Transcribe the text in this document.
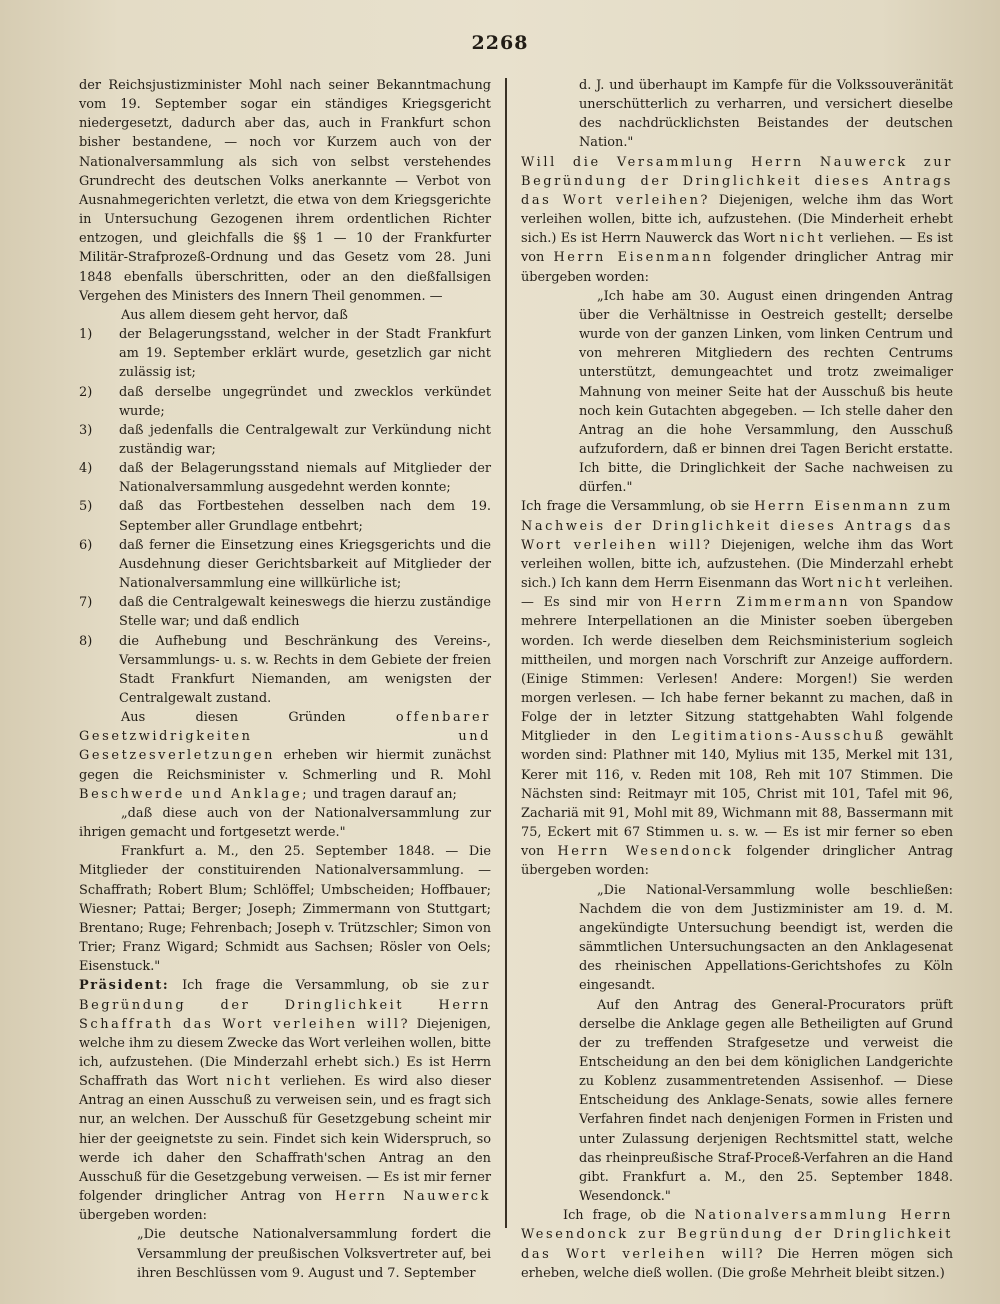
2268

der Reichsjustizminister Mohl nach seiner Bekanntmachung vom 19. September sogar ein ständiges Kriegsgericht niedergesetzt, dadurch aber das, auch in Frankfurt schon bisher bestandene, — noch vor Kurzem auch von der Nationalversammlung als sich von selbst verstehendes Grundrecht des deutschen Volks anerkannte — Verbot von Ausnahmegerichten verletzt, die etwa von dem Kriegsgerichte in Untersuchung Gezogenen ihrem ordentlichen Richter entzogen, und gleichfalls die §§ 1 — 10 der Frankfurter Militär-Strafprozeß-Ordnung und das Gesetz vom 28. Juni 1848 ebenfalls überschritten, oder an den dießfallsigen Vergehen des Ministers des Innern Theil genommen. —

Aus allem diesem geht hervor, daß

1) der Belagerungsstand, welcher in der Stadt Frankfurt am 19. September erklärt wurde, gesetzlich gar nicht zulässig ist;

2) daß derselbe ungegründet und zwecklos verkündet wurde;

3) daß jedenfalls die Centralgewalt zur Verkündung nicht zuständig war;

4) daß der Belagerungsstand niemals auf Mitglieder der Nationalversammlung ausgedehnt werden konnte;

5) daß das Fortbestehen desselben nach dem 19. September aller Grundlage entbehrt;

6) daß ferner die Einsetzung eines Kriegsgerichts und die Ausdehnung dieser Gerichtsbarkeit auf Mitglieder der Nationalversammlung eine willkürliche ist;

7) daß die Centralgewalt keineswegs die hierzu zuständige Stelle war; und daß endlich

8) die Aufhebung und Beschränkung des Vereins-, Versammlungs- u. s. w. Rechts in dem Gebiete der freien Stadt Frankfurt Niemanden, am wenigsten der Centralgewalt zustand.

Aus diesen Gründen offenbarer Gesetzwidrigkeiten und Gesetzesverletzungen erheben wir hiermit zunächst gegen die Reichsminister v. Schmerling und R. Mohl Beschwerde und Anklage; und tragen darauf an;

„daß diese auch von der Nationalversammlung zur ihrigen gemacht und fortgesetzt werde."

Frankfurt a. M., den 25. September 1848. — Die Mitglieder der constituirenden Nationalversammlung. — Schaffrath; Robert Blum; Schlöffel; Umbscheiden; Hoffbauer; Wiesner; Pattai; Berger; Joseph; Zimmermann von Stuttgart; Brentano; Ruge; Fehrenbach; Joseph v. Trützschler; Simon von Trier; Franz Wigard; Schmidt aus Sachsen; Rösler von Oels; Eisenstuck."

Präsident: Ich frage die Versammlung, ob sie zur Begründung der Dringlichkeit Herrn Schaffrath das Wort verleihen will? Diejenigen, welche ihm zu diesem Zwecke das Wort verleihen wollen, bitte ich, aufzustehen. (Die Minderzahl erhebt sich.) Es ist Herrn Schaffrath das Wort nicht verliehen. Es wird also dieser Antrag an einen Ausschuß zu verweisen sein, und es fragt sich nur, an welchen. Der Ausschuß für Gesetzgebung scheint mir hier der geeignetste zu sein. Findet sich kein Widerspruch, so werde ich daher den Schaffrath'schen Antrag an den Ausschuß für die Gesetzgebung verweisen. — Es ist mir ferner folgender dringlicher Antrag von Herrn Nauwerck übergeben worden:

„Die deutsche Nationalversammlung fordert die Versammlung der preußischen Volksvertreter auf, bei ihren Beschlüssen vom 9. August und 7. September

d. J. und überhaupt im Kampfe für die Volkssouveränität unerschütterlich zu verharren, und versichert dieselbe des nachdrücklichsten Beistandes der deutschen Nation."

Will die Versammlung Herrn Nauwerck zur Begründung der Dringlichkeit dieses Antrags das Wort verleihen? Diejenigen, welche ihm das Wort verleihen wollen, bitte ich, aufzustehen. (Die Minderheit erhebt sich.) Es ist Herrn Nauwerck das Wort nicht verliehen. — Es ist von Herrn Eisenmann folgender dringlicher Antrag mir übergeben worden:

„Ich habe am 30. August einen dringenden Antrag über die Verhältnisse in Oestreich gestellt; derselbe wurde von der ganzen Linken, vom linken Centrum und von mehreren Mitgliedern des rechten Centrums unterstützt, demungeachtet und trotz zweimaliger Mahnung von meiner Seite hat der Ausschuß bis heute noch kein Gutachten abgegeben. — Ich stelle daher den Antrag an die hohe Versammlung, den Ausschuß aufzufordern, daß er binnen drei Tagen Bericht erstatte. Ich bitte, die Dringlichkeit der Sache nachweisen zu dürfen."

Ich frage die Versammlung, ob sie Herrn Eisenmann zum Nachweis der Dringlichkeit dieses Antrags das Wort verleihen will? Diejenigen, welche ihm das Wort verleihen wollen, bitte ich, aufzustehen. (Die Minderzahl erhebt sich.) Ich kann dem Herrn Eisenmann das Wort nicht verleihen. — Es sind mir von Herrn Zimmermann von Spandow mehrere Interpellationen an die Minister soeben übergeben worden. Ich werde dieselben dem Reichsministerium sogleich mittheilen, und morgen nach Vorschrift zur Anzeige auffordern. (Einige Stimmen: Verlesen! Andere: Morgen!) Sie werden morgen verlesen. — Ich habe ferner bekannt zu machen, daß in Folge der in letzter Sitzung stattgehabten Wahl folgende Mitglieder in den Legitimations-Ausschuß gewählt worden sind: Plathner mit 140, Mylius mit 135, Merkel mit 131, Kerer mit 116, v. Reden mit 108, Reh mit 107 Stimmen. Die Nächsten sind: Reitmayr mit 105, Christ mit 101, Tafel mit 96, Zachariä mit 91, Mohl mit 89, Wichmann mit 88, Bassermann mit 75, Eckert mit 67 Stimmen u. s. w. — Es ist mir ferner so eben von Herrn Wesendonck folgender dringlicher Antrag übergeben worden:

„Die National-Versammlung wolle beschließen: Nachdem die von dem Justizminister am 19. d. M. angekündigte Untersuchung beendigt ist, werden die sämmtlichen Untersuchungsacten an den Anklagesenat des rheinischen Appellations-Gerichtshofes zu Köln eingesandt.

Auf den Antrag des General-Procurators prüft derselbe die Anklage gegen alle Betheiligten auf Grund der zu treffenden Strafgesetze und verweist die Entscheidung an den bei dem königlichen Landgerichte zu Koblenz zusammentretenden Assisenhof. — Diese Entscheidung des Anklage-Senats, sowie alles fernere Verfahren findet nach denjenigen Formen in Fristen und unter Zulassung derjenigen Rechtsmittel statt, welche das rheinpreußische Straf-Proceß-Verfahren an die Hand gibt. Frankfurt a. M., den 25. September 1848. Wesendonck."

Ich frage, ob die Nationalversammlung Herrn Wesendonck zur Begründung der Dringlichkeit das Wort verleihen will? Die Herren mögen sich erheben, welche dieß wollen. (Die große Mehrheit bleibt sitzen.)
